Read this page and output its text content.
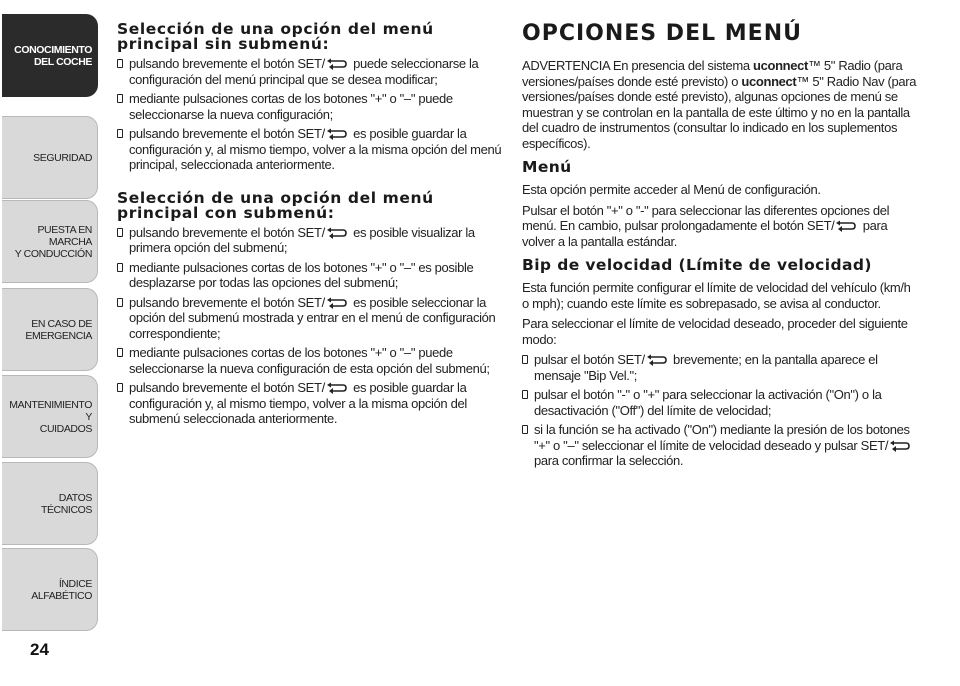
CONOCIMIENTO
DEL COCHE
SEGURIDAD
PUESTA EN MARCHA
Y CONDUCCIÓN
EN CASO DE
EMERGENCIA
MANTENIMIENTO Y
CUIDADOS
DATOS TÉCNICOS
ÍNDICE ALFABÉTICO
24
Selección de una opción del menú
principal sin submenú:
pulsando brevemente el botón SET/ puede seleccionarse la configuración del menú principal que se desea modificar;
mediante pulsaciones cortas de los botones "+" o "–" puede seleccionarse la nueva configuración;
pulsando brevemente el botón SET/ es posible guardar la configuración y, al mismo tiempo, volver a la misma opción del menú principal, seleccionada anteriormente.
Selección de una opción del menú
principal con submenú:
pulsando brevemente el botón SET/ es posible visualizar la primera opción del submenú;
mediante pulsaciones cortas de los botones "+" o "–" es posible desplazarse por todas las opciones del submenú;
pulsando brevemente el botón SET/ es posible seleccionar la opción del submenú mostrada y entrar en el menú de configuración correspondiente;
mediante pulsaciones cortas de los botones "+" o "–" puede seleccionarse la nueva configuración de esta opción del submenú;
pulsando brevemente el botón SET/ es posible guardar la configuración y, al mismo tiempo, volver a la misma opción del submenú seleccionada anteriormente.
OPCIONES DEL MENÚ

ADVERTENCIA En presencia del sistema uconnect™ 5" Radio (para versiones/países donde esté previsto) o uconnect™ 5" Radio Nav (para versiones/países donde esté previsto), algunas opciones de menú se muestran y se controlan en la pantalla de este último y no en la pantalla del cuadro de instrumentos (consultar lo indicado en los suplementos específicos).

Menú

Esta opción permite acceder al Menú de configuración.

Pulsar el botón "+" o "-" para seleccionar las diferentes opciones del menú. En cambio, pulsar prolongadamente el botón SET/ para volver a la pantalla estándar.

Bip de velocidad (Límite de velocidad)

Esta función permite configurar el límite de velocidad del vehículo (km/h o mph); cuando este límite es sobrepasado, se avisa al conductor.

Para seleccionar el límite de velocidad deseado, proceder del siguiente modo:

pulsar el botón SET/ brevemente; en la pantalla aparece el mensaje "Bip Vel.";
pulsar el botón "-" o "+" para seleccionar la activación ("On") o la desactivación ("Off") del límite de velocidad;
si la función se ha activado ("On") mediante la presión de los botones "+" o "–" seleccionar el límite de velocidad deseado y pulsar SET/ para confirmar la selección.
